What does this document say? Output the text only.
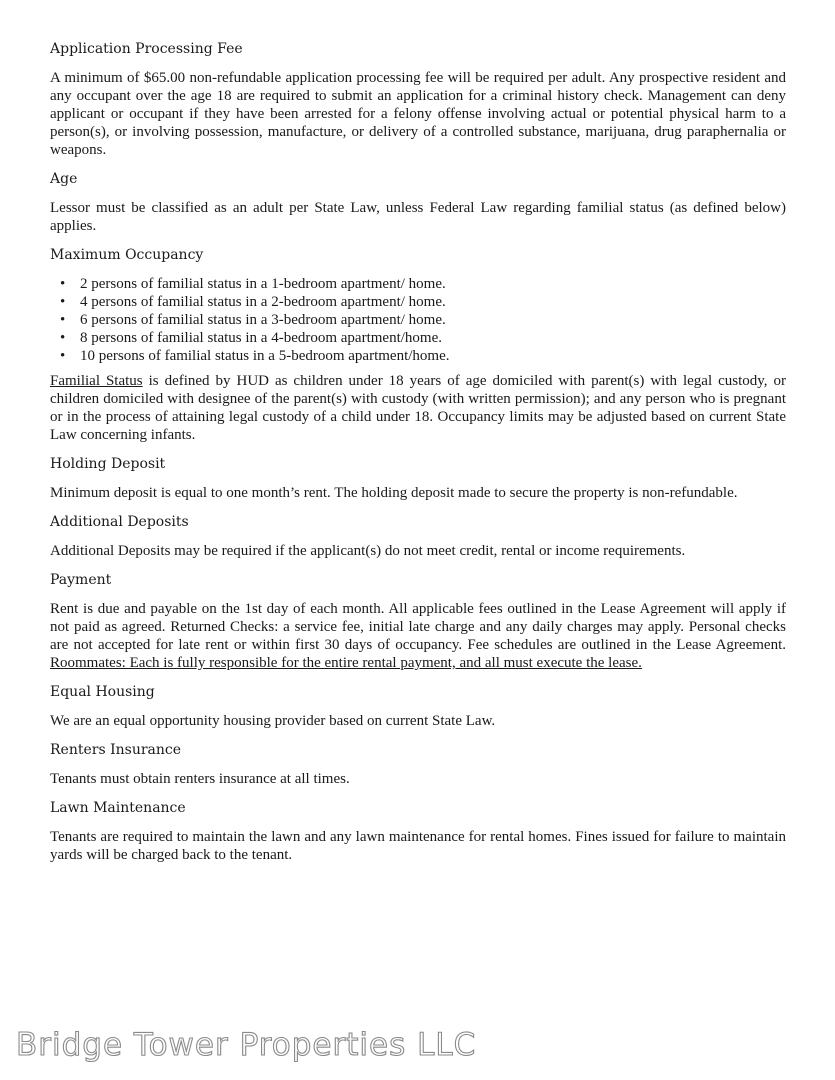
Application Processing Fee

A minimum of $65.00 non-refundable application processing fee will be required per adult. Any prospective resident and any occupant over the age 18 are required to submit an application for a criminal history check. Management can deny applicant or occupant if they have been arrested for a felony offense involving actual or potential physical harm to a person(s), or involving possession, manufacture, or delivery of a controlled substance, marijuana, drug paraphernalia or weapons.

Age

Lessor must be classified as an adult per State Law, unless Federal Law regarding familial status (as defined below) applies.

Maximum Occupancy
• 2 persons of familial status in a 1-bedroom apartment/ home.
• 4 persons of familial status in a 2-bedroom apartment/ home.
• 6 persons of familial status in a 3-bedroom apartment/ home.
• 8 persons of familial status in a 4-bedroom apartment/home.
• 10 persons of familial status in a 5-bedroom apartment/home.

Familial Status is defined by HUD as children under 18 years of age domiciled with parent(s) with legal custody, or children domiciled with designee of the parent(s) with custody (with written permission); and any person who is pregnant or in the process of attaining legal custody of a child under 18. Occupancy limits may be adjusted based on current State Law concerning infants.

Holding Deposit

Minimum deposit is equal to one month’s rent. The holding deposit made to secure the property is non-refundable.

Additional Deposits

Additional Deposits may be required if the applicant(s) do not meet credit, rental or income requirements.

Payment

Rent is due and payable on the 1st day of each month. All applicable fees outlined in the Lease Agreement will apply if not paid as agreed. Returned Checks: a service fee, initial late charge and any daily charges may apply. Personal checks are not accepted for late rent or within first 30 days of occupancy. Fee schedules are outlined in the Lease Agreement. Roommates: Each is fully responsible for the entire rental payment, and all must execute the lease.

Equal Housing

We are an equal opportunity housing provider based on current State Law.

Renters Insurance

Tenants must obtain renters insurance at all times.

Lawn Maintenance

Tenants are required to maintain the lawn and any lawn maintenance for rental homes. Fines issued for failure to maintain yards will be charged back to the tenant.

Bridge Tower Properties LLC
